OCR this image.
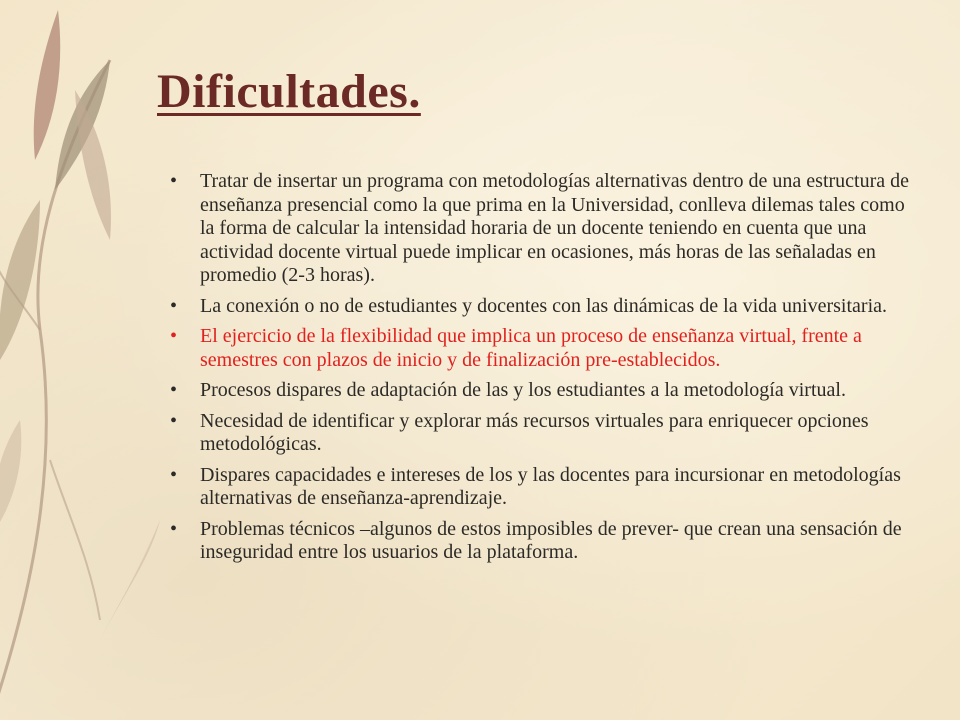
Dificultades.
• Tratar de insertar un programa con metodologías alternativas dentro de una estructura de enseñanza presencial como la que prima en la Universidad, conlleva dilemas tales como la forma de calcular la intensidad horaria de un docente teniendo en cuenta que una actividad docente virtual puede implicar en ocasiones, más horas de las señaladas en promedio (2-3 horas).
• La conexión o no de estudiantes y docentes con las dinámicas de la vida universitaria.
• El ejercicio de la flexibilidad que implica un proceso de enseñanza virtual, frente a semestres con plazos de inicio y de finalización pre-establecidos.
• Procesos dispares de adaptación de las y los estudiantes a la metodología virtual.
• Necesidad de identificar y explorar más recursos virtuales para enriquecer opciones metodológicas.
• Dispares capacidades e intereses de los y las docentes para incursionar en metodologías alternativas de enseñanza-aprendizaje.
• Problemas técnicos –algunos de estos imposibles de prever- que crean una sensación de inseguridad entre los usuarios de la plataforma.
